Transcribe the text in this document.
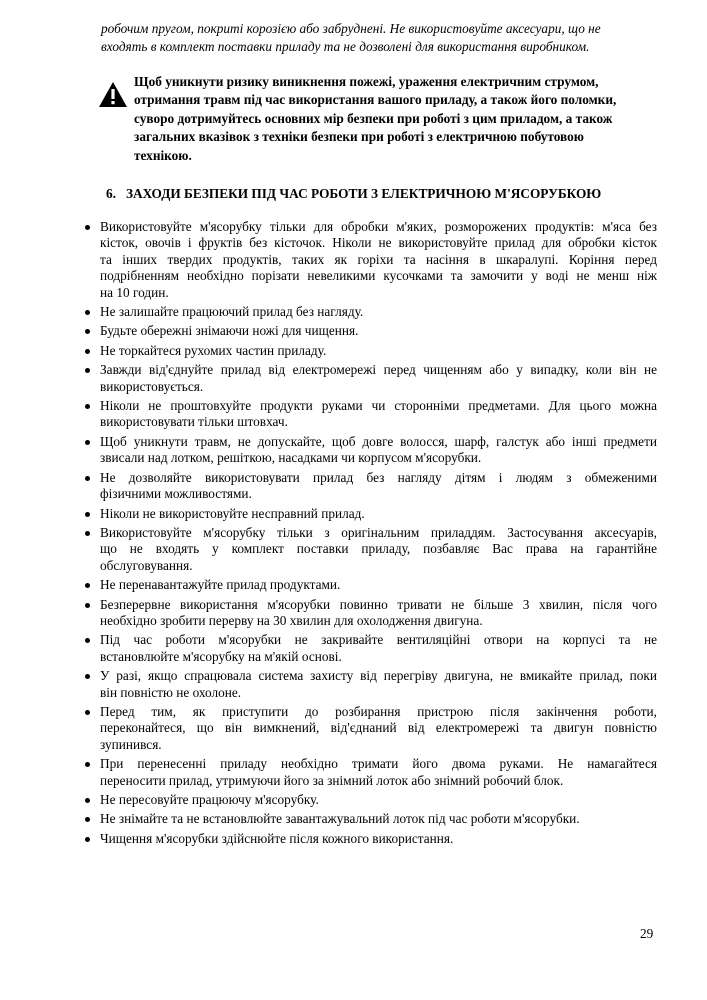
робочим пругом, покриті корозією або забруднені. Не використовуйте аксесуари, що не
входять в комплект поставки приладу та не дозволені для використання виробником.
Щоб уникнути ризику виникнення пожежі, ураження електричним струмом,
отримання травм під час використання вашого приладу, а також його поломки,
суворо дотримуйтесь основних мір безпеки при роботі з цим приладом, а також
загальних вказівок з техніки безпеки при роботі з електричною побутовою
технікою.
6. ЗАХОДИ БЕЗПЕКИ ПІД ЧАС РОБОТИ З ЕЛЕКТРИЧНОЮ М'ЯСОРУБКОЮ
Використовуйте м'ясорубку тільки для обробки м'яких, розморожених продуктів: м'яса без
кісток, овочів і фруктів без кісточок. Ніколи не використовуйте прилад для обробки кісток
та інших твердих продуктів, таких як горіхи та насіння в шкаралупі. Коріння перед
подрібненням необхідно порізати невеликими кусочками та замочити у воді не менш ніж
на 10 годин.
Не залишайте працюючий прилад без нагляду.
Будьте обережні знімаючи ножі для чищення.
Не торкайтеся рухомих частин приладу.
Завжди від'єднуйте прилад від електромережі перед чищенням або у випадку, коли він не
використовується.
Ніколи не проштовхуйте продукти руками чи сторонніми предметами. Для цього можна
використовувати тільки штовхач.
Щоб уникнути травм, не допускайте, щоб довге волосся, шарф, галстук або інші предмети
звисали над лотком, решіткою, насадками чи корпусом м'ясорубки.
Не дозволяйте використовувати прилад без нагляду дітям і людям з обмеженими
фізичними можливостями.
Ніколи не використовуйте несправний прилад.
Використовуйте м'ясорубку тільки з оригінальним приладдям. Застосування аксесуарів,
що не входять у комплект поставки приладу, позбавляє Вас права на гарантійне
обслуговування.
Не перенавантажуйте прилад продуктами.
Безперервне використання м'ясорубки повинно тривати не більше 3 хвилин, після чого
необхідно зробити перерву на 30 хвилин для охолодження двигуна.
Під час роботи м'ясорубки не закривайте вентиляційні отвори на корпусі та не
встановлюйте м'ясорубку на м'якій основі.
У разі, якщо спрацювала система захисту від перегріву двигуна, не вмикайте прилад, поки
він повністю не охолоне.
Перед тим, як приступити до розбирання пристрою після закінчення роботи,
переконайтеся, що він вимкнений, від'єднаний від електромережі та двигун повністю
зупинився.
При перенесенні приладу необхідно тримати його двома руками. Не намагайтеся
переносити прилад, утримуючи його за знімний лоток або знімний робочий блок.
Не пересовуйте працюючу м'ясорубку.
Не знімайте та не встановлюйте завантажувальний лоток під час роботи м'ясорубки.
Чищення м'ясорубки здійснюйте після кожного використання.
29
